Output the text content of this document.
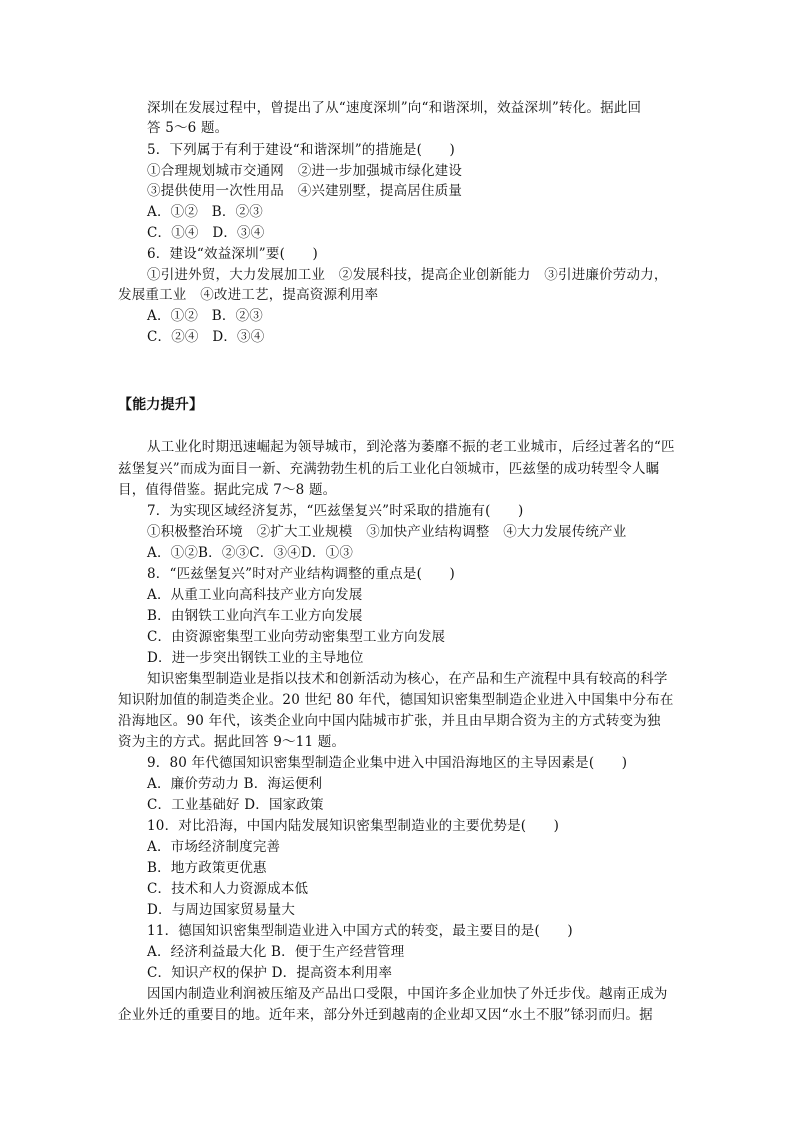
深圳在发展过程中，曾提出了从“速度深圳”向“和谐深圳，效益深圳”转化。据此回
答 5～6 题。
5．下列属于有利于建设“和谐深圳”的措施是(　　)
①合理规划城市交通网　②进一步加强城市绿化建设
③提供使用一次性用品　④兴建别墅，提高居住质量
A．①②　B．②③
C．①④　D．③④
6．建设“效益深圳”要(　　)
①引进外贸，大力发展加工业　②发展科技，提高企业创新能力　③引进廉价劳动力，
发展重工业　④改进工艺，提高资源利用率
A．①②　B．②③
C．②④　D．③④
【能力提升】
从工业化时期迅速崛起为领导城市，到沦落为萎靡不振的老工业城市，后经过著名的“匹
兹堡复兴”而成为面目一新、充满勃勃生机的后工业化白领城市，匹兹堡的成功转型令人瞩
目，值得借鉴。据此完成 7～8 题。
7．为实现区域经济复苏，“匹兹堡复兴”时采取的措施有(　　)
①积极整治环境　②扩大工业规模　③加快产业结构调整　④大力发展传统产业
A．①②B．②③C．③④D．①③
8．“匹兹堡复兴”时对产业结构调整的重点是(　　)
A．从重工业向高科技产业方向发展
B．由钢铁工业向汽车工业方向发展
C．由资源密集型工业向劳动密集型工业方向发展
D．进一步突出钢铁工业的主导地位
知识密集型制造业是指以技术和创新活动为核心，在产品和生产流程中具有较高的科学
知识附加值的制造类企业。20 世纪 80 年代，德国知识密集型制造企业进入中国集中分布在
沿海地区。90 年代，该类企业向中国内陆城市扩张，并且由早期合资为主的方式转变为独
资为主的方式。据此回答 9～11 题。
9．80 年代德国知识密集型制造企业集中进入中国沿海地区的主导因素是(　　)
A．廉价劳动力 B．海运便利
C．工业基础好 D．国家政策
10．对比沿海，中国内陆发展知识密集型制造业的主要优势是(　　)
A．市场经济制度完善
B．地方政策更优惠
C．技术和人力资源成本低
D．与周边国家贸易量大
11．德国知识密集型制造业进入中国方式的转变，最主要目的是(　　)
A．经济利益最大化 B．便于生产经营管理
C．知识产权的保护 D．提高资本利用率
因国内制造业利润被压缩及产品出口受限，中国许多企业加快了外迁步伐。越南正成为
企业外迁的重要目的地。近年来，部分外迁到越南的企业却又因“水土不服”铩羽而归。据
